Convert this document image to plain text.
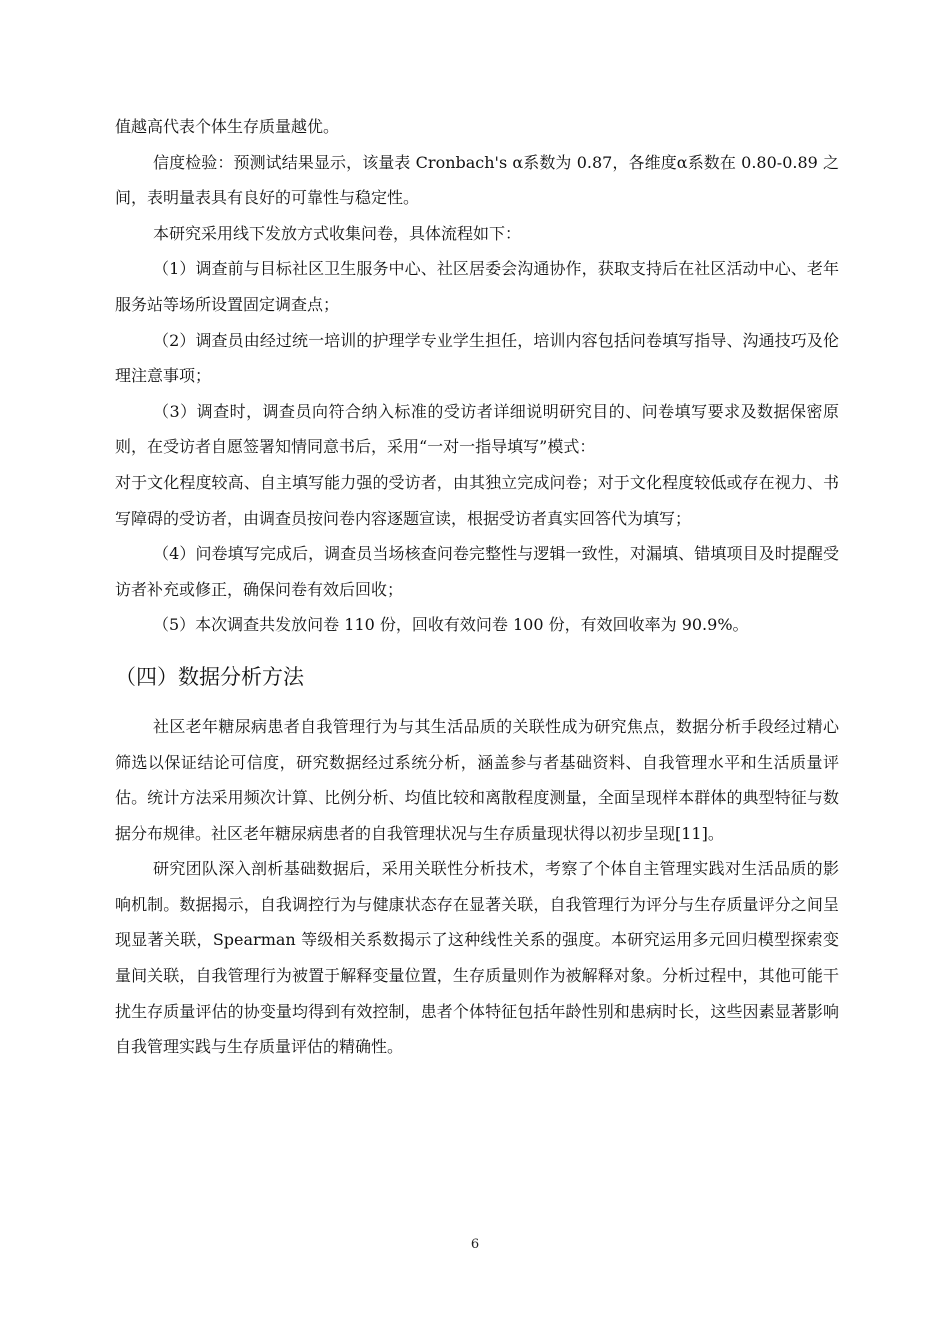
值越高代表个体生存质量越优。

信度检验：预测试结果显示，该量表 Cronbach's α系数为 0.87，各维度α系数在 0.80-0.89 之间，表明量表具有良好的可靠性与稳定性。

本研究采用线下发放方式收集问卷，具体流程如下：

（1）调查前与目标社区卫生服务中心、社区居委会沟通协作，获取支持后在社区活动中心、老年服务站等场所设置固定调查点；

（2）调查员由经过统一培训的护理学专业学生担任，培训内容包括问卷填写指导、沟通技巧及伦理注意事项；

（3）调查时，调查员向符合纳入标准的受访者详细说明研究目的、问卷填写要求及数据保密原则，在受访者自愿签署知情同意书后，采用“一对一指导填写”模式：

对于文化程度较高、自主填写能力强的受访者，由其独立完成问卷；对于文化程度较低或存在视力、书写障碍的受访者，由调查员按问卷内容逐题宣读，根据受访者真实回答代为填写；

（4）问卷填写完成后，调查员当场核查问卷完整性与逻辑一致性，对漏填、错填项目及时提醒受访者补充或修正，确保问卷有效后回收；

（5）本次调查共发放问卷 110 份，回收有效问卷 100 份，有效回收率为 90.9%。

（四）数据分析方法

社区老年糖尿病患者自我管理行为与其生活品质的关联性成为研究焦点，数据分析手段经过精心筛选以保证结论可信度，研究数据经过系统分析，涵盖参与者基础资料、自我管理水平和生活质量评估。统计方法采用频次计算、比例分析、均值比较和离散程度测量，全面呈现样本群体的典型特征与数据分布规律。社区老年糖尿病患者的自我管理状况与生存质量现状得以初步呈现[11]。

研究团队深入剖析基础数据后，采用关联性分析技术，考察了个体自主管理实践对生活品质的影响机制。数据揭示，自我调控行为与健康状态存在显著关联，自我管理行为评分与生存质量评分之间呈现显著关联，Spearman 等级相关系数揭示了这种线性关系的强度。本研究运用多元回归模型探索变量间关联，自我管理行为被置于解释变量位置，生存质量则作为被解释对象。分析过程中，其他可能干扰生存质量评估的协变量均得到有效控制，患者个体特征包括年龄性别和患病时长，这些因素显著影响自我管理实践与生存质量评估的精确性。

6
